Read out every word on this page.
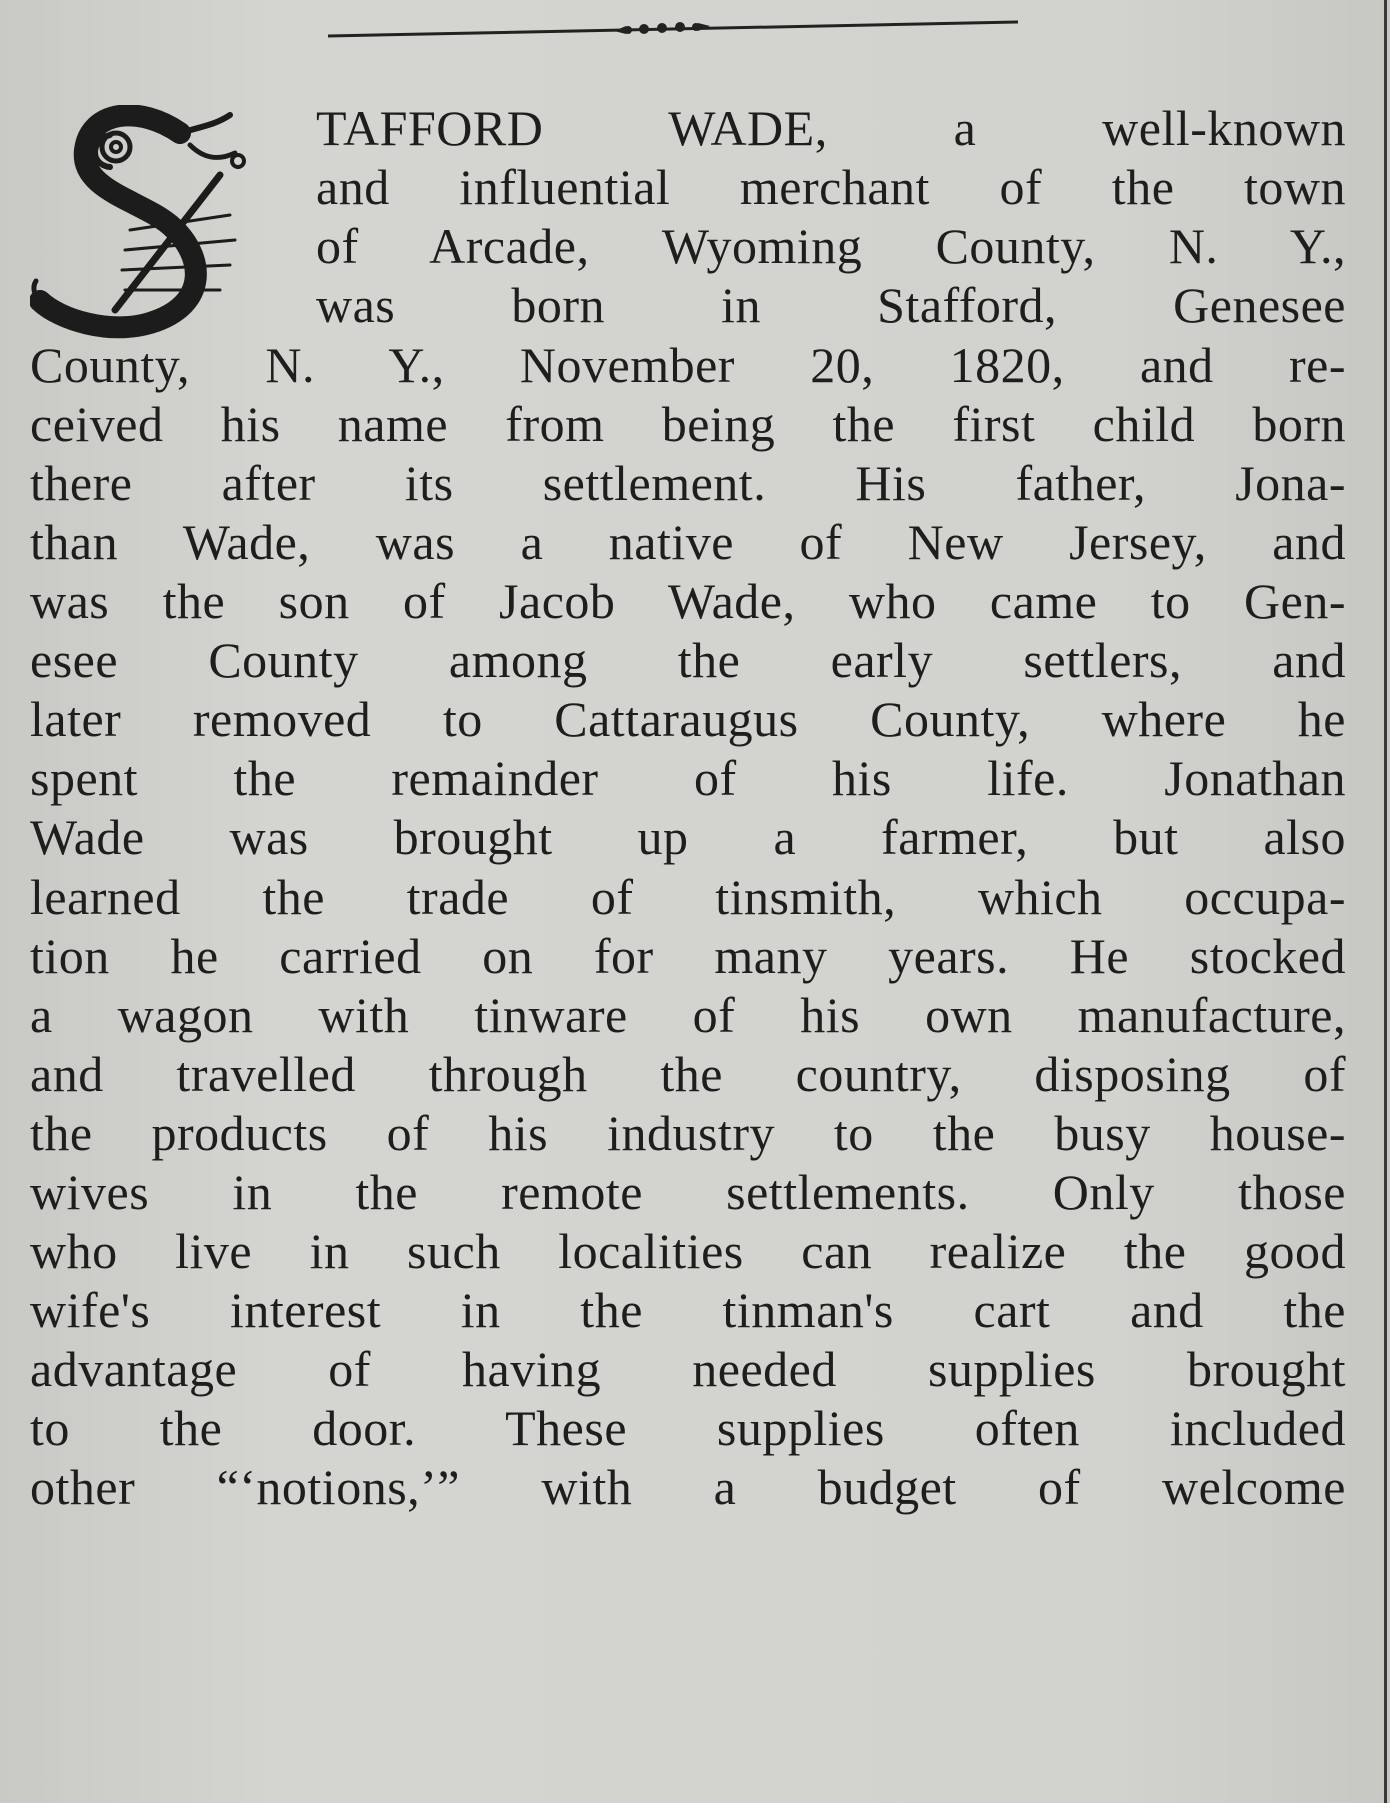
TAFFORD WADE, a well-known
and influential merchant of the town
of Arcade, Wyoming County, N. Y.,
was born in Stafford, Genesee
County, N. Y., November 20, 1820, and re-
ceived his name from being the first child born
there after its settlement. His father, Jona-
than Wade, was a native of New Jersey, and
was the son of Jacob Wade, who came to Gen-
esee County among the early settlers, and
later removed to Cattaraugus County, where he
spent the remainder of his life. Jonathan
Wade was brought up a farmer, but also
learned the trade of tinsmith, which occupa-
tion he carried on for many years. He stocked
a wagon with tinware of his own manufacture,
and travelled through the country, disposing of
the products of his industry to the busy house-
wives in the remote settlements. Only those
who live in such localities can realize the good
wife's interest in the tinman's cart and the
advantage of having needed supplies brought
to the door. These supplies often included
other “‘notions,’” with a budget of welcome
